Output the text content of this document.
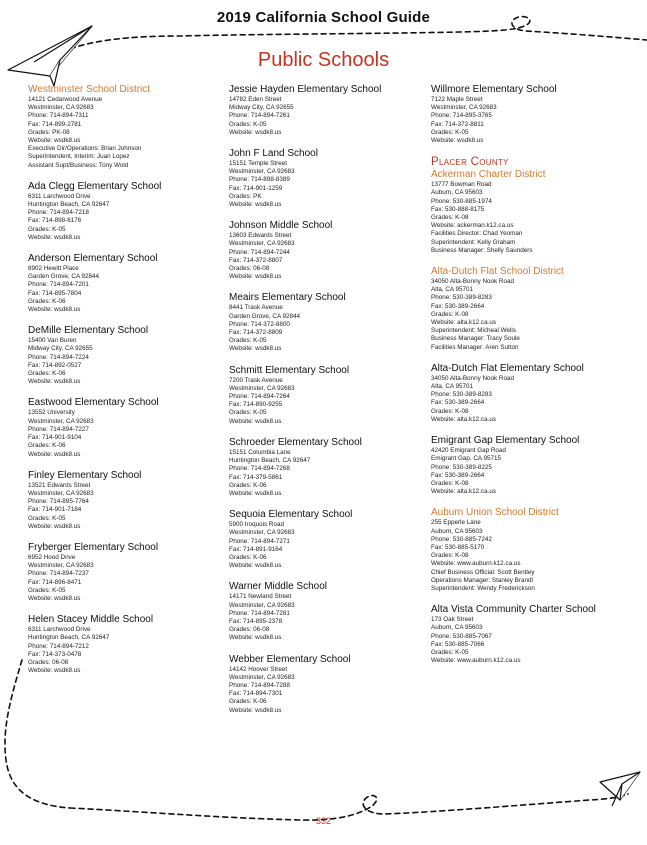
2019 California School Guide
Public Schools
Westminster School District
14121 Cedarwood Avenue
Westminster, CA 92683
Phone: 714-894-7311
Fax: 714-899-2781
Grades: PK-08
Website: wsdk8.us
Executive Dir/Operations: Brian Johnson
Superintendent, Interim: Juan Lopez
Assistant Supt/Business: Tony Wold
Ada Clegg Elementary School
6311 Larchwood Drive
Huntington Beach, CA 92647
Phone: 714-894-7218
Fax: 714-898-6176
Grades: K-05
Website: wsdk8.us
Anderson Elementary School
8902 Hewitt Place
Garden Grove, CA 92844
Phone: 714-894-7201
Fax: 714-895-7804
Grades: K-06
Website: wsdk8.us
DeMille Elementary School
15400 Van Buren
Midway City, CA 92655
Phone: 714-894-7224
Fax: 714-892-0527
Grades: K-06
Website: wsdk8.us
Eastwood Elementary School
13552 University
Westminster, CA 92683
Phone: 714-894-7227
Fax: 714-901-9104
Grades: K-06
Website: wsdk8.us
Finley Elementary School
13521 Edwards Street
Westminster, CA 92683
Phone: 714-895-7764
Fax: 714-901-7184
Grades: K-05
Website: wsdk8.us
Fryberger Elementary School
6952 Hood Drive
Westminster, CA 92683
Phone: 714-894-7237
Fax: 714-896-8471
Grades: K-05
Website: wsdk8.us
Helen Stacey Middle School
6311 Larchwood Drive
Huntington Beach, CA 92647
Phone: 714-894-7212
Fax: 714-373-0478
Grades: 06-08
Website: wsdk8.us
Jessie Hayden Elementary School
14782 Eden Street
Midway City, CA 92655
Phone: 714-894-7261
Grades: K-05
Website: wsdk8.us
John F Land School
15151 Temple Street
Westminster, CA 92683
Phone: 714-898-8389
Fax: 714-901-1259
Grades: PK
Website: wsdk8.us
Johnson Middle School
13603 Edwards Street
Westminster, CA 92683
Phone: 714-894-7244
Fax: 714-372-8807
Grades: 06-08
Website: wsdk8.us
Meairs Elementary School
8441 Trask Avenue
Garden Grove, CA 92844
Phone: 714-372-8800
Fax: 714-372-8809
Grades: K-05
Website: wsdk8.us
Schmitt Elementary School
7200 Trask Avenue
Westminster, CA 92683
Phone: 714-894-7264
Fax: 714-890-9255
Grades: K-05
Website: wsdk8.us
Schroeder Elementary School
15151 Columbia Lane
Huntington Beach, CA 92647
Phone: 714-894-7268
Fax: 714-379-5861
Grades: K-06
Website: wsdk8.us
Sequoia Elementary School
5900 Iroquois Road
Westminster, CA 92683
Phone: 714-894-7271
Fax: 714-891-9164
Grades: K-06
Website: wsdk8.us
Warner Middle School
14171 Newland Street
Westminster, CA 92683
Phone: 714-894-7281
Fax: 714-895-2378
Grades: 06-08
Website: wsdk8.us
Webber Elementary School
14142 Hoover Street
Westminster, CA 92683
Phone: 714-894-7288
Fax: 714-894-7301
Grades: K-06
Website: wsdk8.us
Willmore Elementary School
7122 Maple Street
Westminster, CA 92683
Phone: 714-895-3765
Fax: 714-372-8811
Grades: K-05
Website: wsdk8.us
Placer County
Ackerman Charter District
13777 Bowman Road
Auburn, CA 95603
Phone: 530-885-1974
Fax: 530-888-8175
Grades: K-08
Website: ackerman.k12.ca.us
Facilities Director: Chad Yeoman
Superintendent: Kelly Graham
Business Manager: Shelly Saunders
Alta-Dutch Flat School District
34050 Alta-Bonny Nook Road
Alta, CA 95701
Phone: 530-389-8283
Fax: 530-389-2664
Grades: K-08
Website: alta.k12.ca.us
Superintendent: Micheal Wells
Business Manager: Tracy Soule
Facilities Manager: Aren Sutton
Alta-Dutch Flat Elementary School
34050 Alta-Bonny Nook Road
Alta, CA 95701
Phone: 530-389-8283
Fax: 530-389-2664
Grades: K-08
Website: alta.k12.ca.us
Emigrant Gap Elementary School
42420 Emigrant Gap Road
Emigrant Gap, CA 95715
Phone: 530-389-8225
Fax: 530-389-2664
Grades: K-08
Website: alta.k12.ca.us
Auburn Union School District
255 Epperle Lane
Auburn, CA 95603
Phone: 530-885-7242
Fax: 530-885-5170
Grades: K-08
Website: www.auburn.k12.ca.us
Chief Business Official: Scott Bentley
Operations Manager: Stanley Brandl
Superintendent: Wendy Frederickson
Alta Vista Community Charter School
173 Oak Street
Auburn, CA 95603
Phone: 530-885-7067
Fax: 530-885-7066
Grades: K-05
Website: www.auburn.k12.ca.us
332
